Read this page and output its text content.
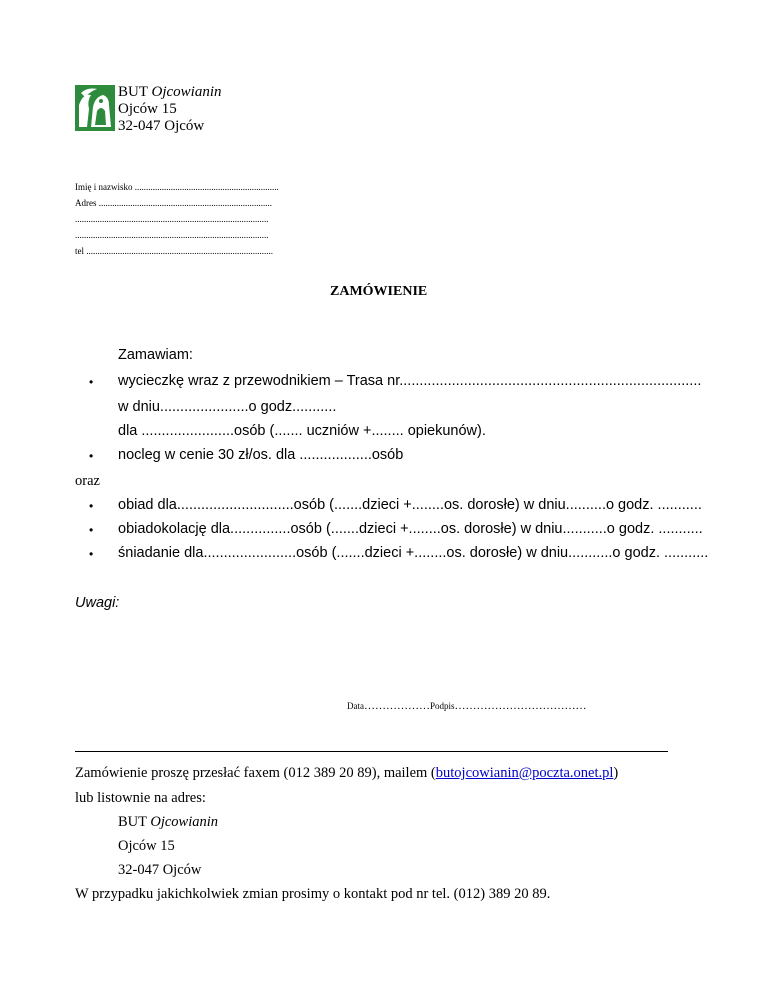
BUT Ojcowianin
Ojców 15
32-047 Ojców
Imię i nazwisko ................................................................
Adres .............................................................................
......................................................................................
......................................................................................
tel ...................................................................................
ZAMÓWIENIE
Zamawiam:
• wycieczkę wraz z przewodnikiem – Trasa nr...........................................................................
w dniu......................o godz...........
dla .......................osób (....... uczniów +........ opiekunów).
• nocleg w cenie 30 zł/os. dla ..................osób
oraz
• obiad dla.............................osób (.......dzieci +........os. dorosłe) w dniu..........o godz. ...........
• obiadokolację dla...............osób (.......dzieci +........os. dorosłe) w dniu...........o godz. ...........
• śniadanie dla.......................osób (.......dzieci +........os. dorosłe) w dniu...........o godz. ...........
Uwagi:
Data………………Podpis………………………………
Zamówienie proszę przesłać faxem (012 389 20 89), mailem (butojcowianin@poczta.onet.pl)
lub listownie na adres:
BUT Ojcowianin
Ojców 15
32-047 Ojców
W przypadku jakichkolwiek zmian prosimy o kontakt pod nr tel. (012) 389 20 89.
